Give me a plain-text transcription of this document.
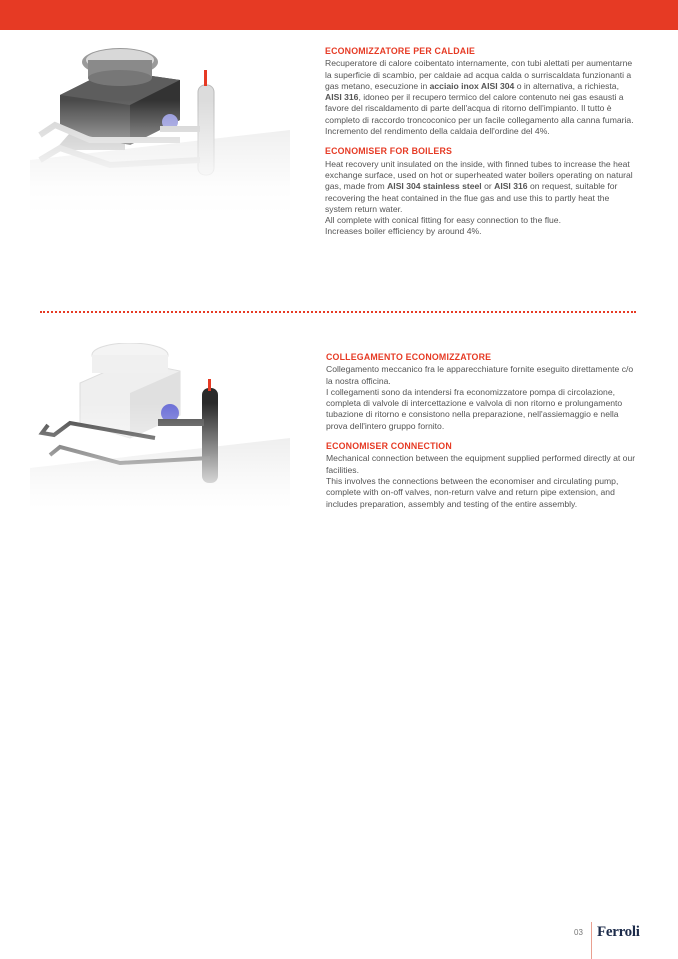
ECONOMIZZATORE PER CALDAIE

Recuperatore di calore coibentato internamente, con tubi alettati per aumentarne la superficie di scambio, per caldaie ad acqua calda o surriscaldata funzionanti a gas metano, esecuzione in acciaio inox AISI 304 o in alternativa, a richiesta, AISI 316, idoneo per il recupero termico del calore contenuto nei gas esausti a favore del riscaldamento di parte dell'acqua di ritorno dell'impianto. Il tutto è completo di raccordo troncoconico per un facile collegamento alla canna fumaria. Incremento del rendimento della caldaia dell'ordine del 4%.

ECONOMISER FOR BOILERS

Heat recovery unit insulated on the inside, with finned tubes to increase the heat exchange surface, used on hot or superheated water boilers operating on natural gas, made from AISI 304 stainless steel or AISI 316 on request, suitable for recovering the heat contained in the flue gas and use this to partly heat the system return water.

All complete with conical fitting for easy connection to the flue.

Increases boiler efficiency by around 4%.

COLLEGAMENTO ECONOMIZZATORE

Collegamento meccanico fra le apparecchiature fornite eseguito direttamente c/o la nostra officina.

I collegamenti sono da intendersi fra economizzatore pompa di circolazione, completa di valvole di intercettazione e valvola di non ritorno e prolungamento tubazione di ritorno e consistono nella preparazione, nell'assiemaggio e nella prova dell'intero gruppo fornito.

ECONOMISER CONNECTION

Mechanical connection between the equipment supplied performed directly at our facilities.

This involves the connections between the economiser and circulating pump, complete with on-off valves, non-return valve and return pipe extension, and includes preparation, assembly and testing of the entire assembly.

03 Ferroli
